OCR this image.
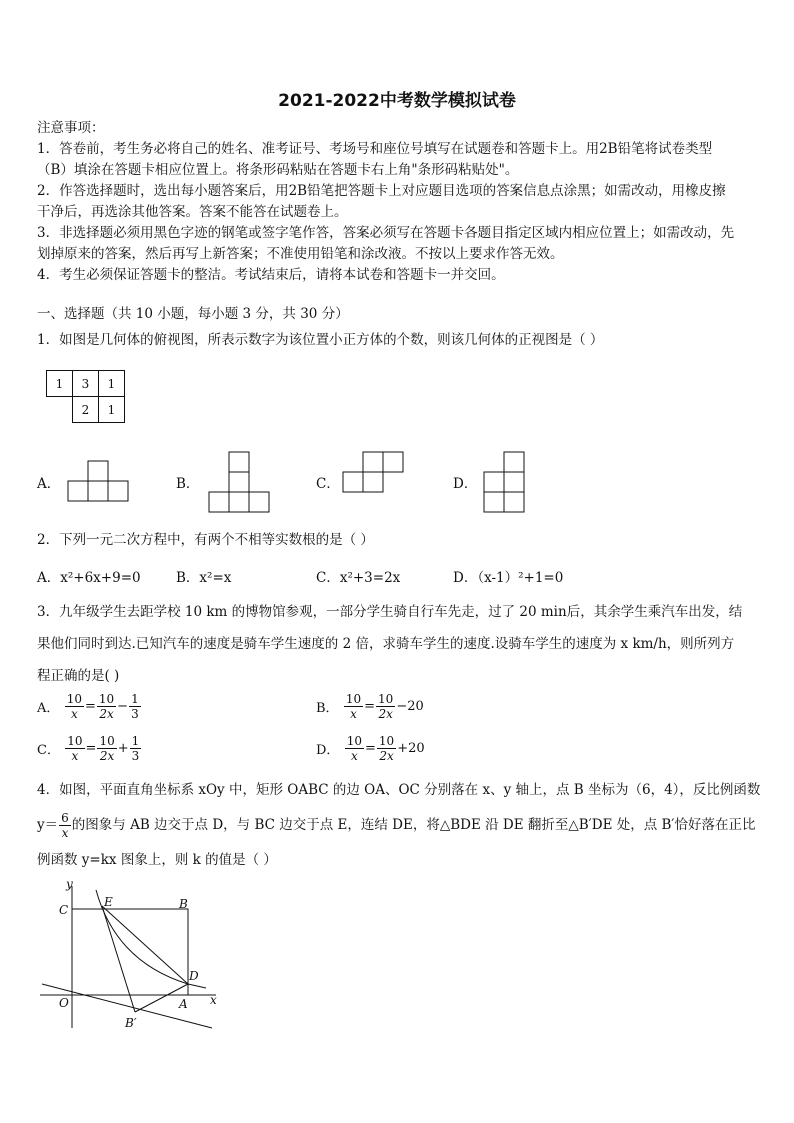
2021-2022中考数学模拟试卷
注意事项：
1．答卷前，考生务必将自己的姓名、准考证号、考场号和座位号填写在试题卷和答题卡上。用2B铅笔将试卷类型
（B）填涂在答题卡相应位置上。将条形码粘贴在答题卡右上角"条形码粘贴处"。
2．作答选择题时，选出每小题答案后，用2B铅笔把答题卡上对应题目选项的答案信息点涂黑；如需改动，用橡皮擦
干净后，再选涂其他答案。答案不能答在试题卷上。
3．非选择题必须用黑色字迹的钢笔或签字笔作答，答案必须写在答题卡各题目指定区域内相应位置上；如需改动，先
划掉原来的答案，然后再写上新答案；不准使用铅笔和涂改液。不按以上要求作答无效。
4．考生必须保证答题卡的整洁。考试结束后，请将本试卷和答题卡一并交回。
一、选择题（共 10 小题，每小题 3 分，共 30 分）
1．如图是几何体的俯视图，所表示数字为该位置小正方体的个数，则该几何体的正视图是（ ）
1	3	1
	2	1
A．	B．	C．	D．
2．下列一元二次方程中，有两个不相等实数根的是（ ）
A．x²+6x+9=0	B．x²=x	C．x²+3=2x	D．（x-1）²+1=0
3．九年级学生去距学校 10 km 的博物馆参观，一部分学生骑自行车先走，过了 20 min后，其余学生乘汽车出发，结
果他们同时到达.已知汽车的速度是骑车学生速度的 2 倍，求骑车学生的速度.设骑车学生的速度为 x km/h，则所列方
程正确的是( )
A． $\frac{10}{x} = \frac{10}{2x} - \frac{1}{3}$	B． $\frac{10}{x} = \frac{10}{2x} -20$
C． $\frac{10}{x} = \frac{10}{2x} + \frac{1}{3}$	D． $\frac{10}{x} = \frac{10}{2x} +20$
4．如图，平面直角坐标系 xOy 中，矩形 OABC 的边 OA、OC 分别落在 x、y 轴上，点 B 坐标为（6，4），反比例函数
$y= \frac{6}{x}$ 的图象与 AB 边交于点 D，与 BC 边交于点 E，连结 DE，将△BDE 沿 DE 翻折至△B′DE 处，点 B′恰好落在正比
例函数 y=kx 图象上，则 k 的值是（ ）
y
x
O	A
B
C
D
E
B′
